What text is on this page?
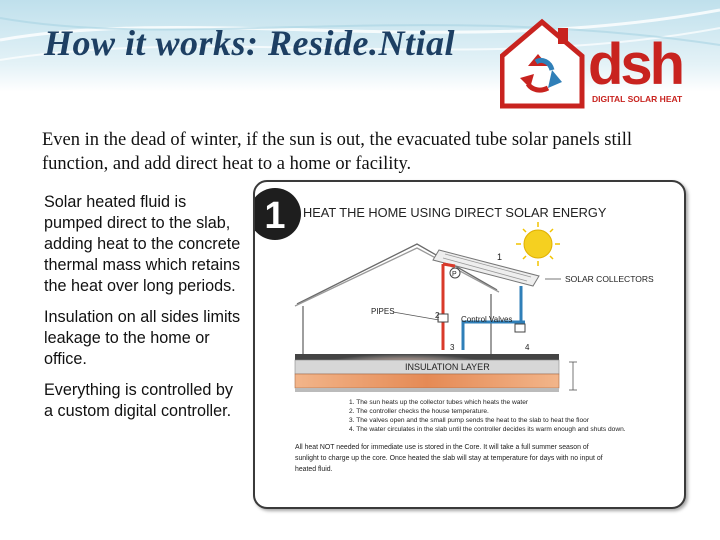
How it works: Reside.Ntial dsh
DIGITAL SOLAR HEAT

Even in the dead of winter, if the sun is out, the evacuated tube solar panels still function, and add direct heat to a home or facility.

Solar heated fluid is pumped direct to the slab, adding heat to the concrete thermal mass which retains the heat over long periods.

Insulation on all sides limits leakage to the home or office.

Everything is controlled by a custom digital controller.

1 HEAT THE HOME USING DIRECT SOLAR ENERGY
1
SOLAR COLLECTORS
P
PIPES	2	Control Valves
3	4
INSULATION LAYER
1. The sun heats up the collector tubes which heats the water
2. The controller checks the house temperature.
3. The valves open and the small pump sends the heat to the slab to heat the floor
4. The water circulates in the slab until the controller decides its warm enough and shuts down.
All heat NOT needed for immediate use is stored in the Core. It will take a full summer season of
sunlight to charge up the core. Once heated the slab will stay at temperature for days with no input of
heated fluid.
